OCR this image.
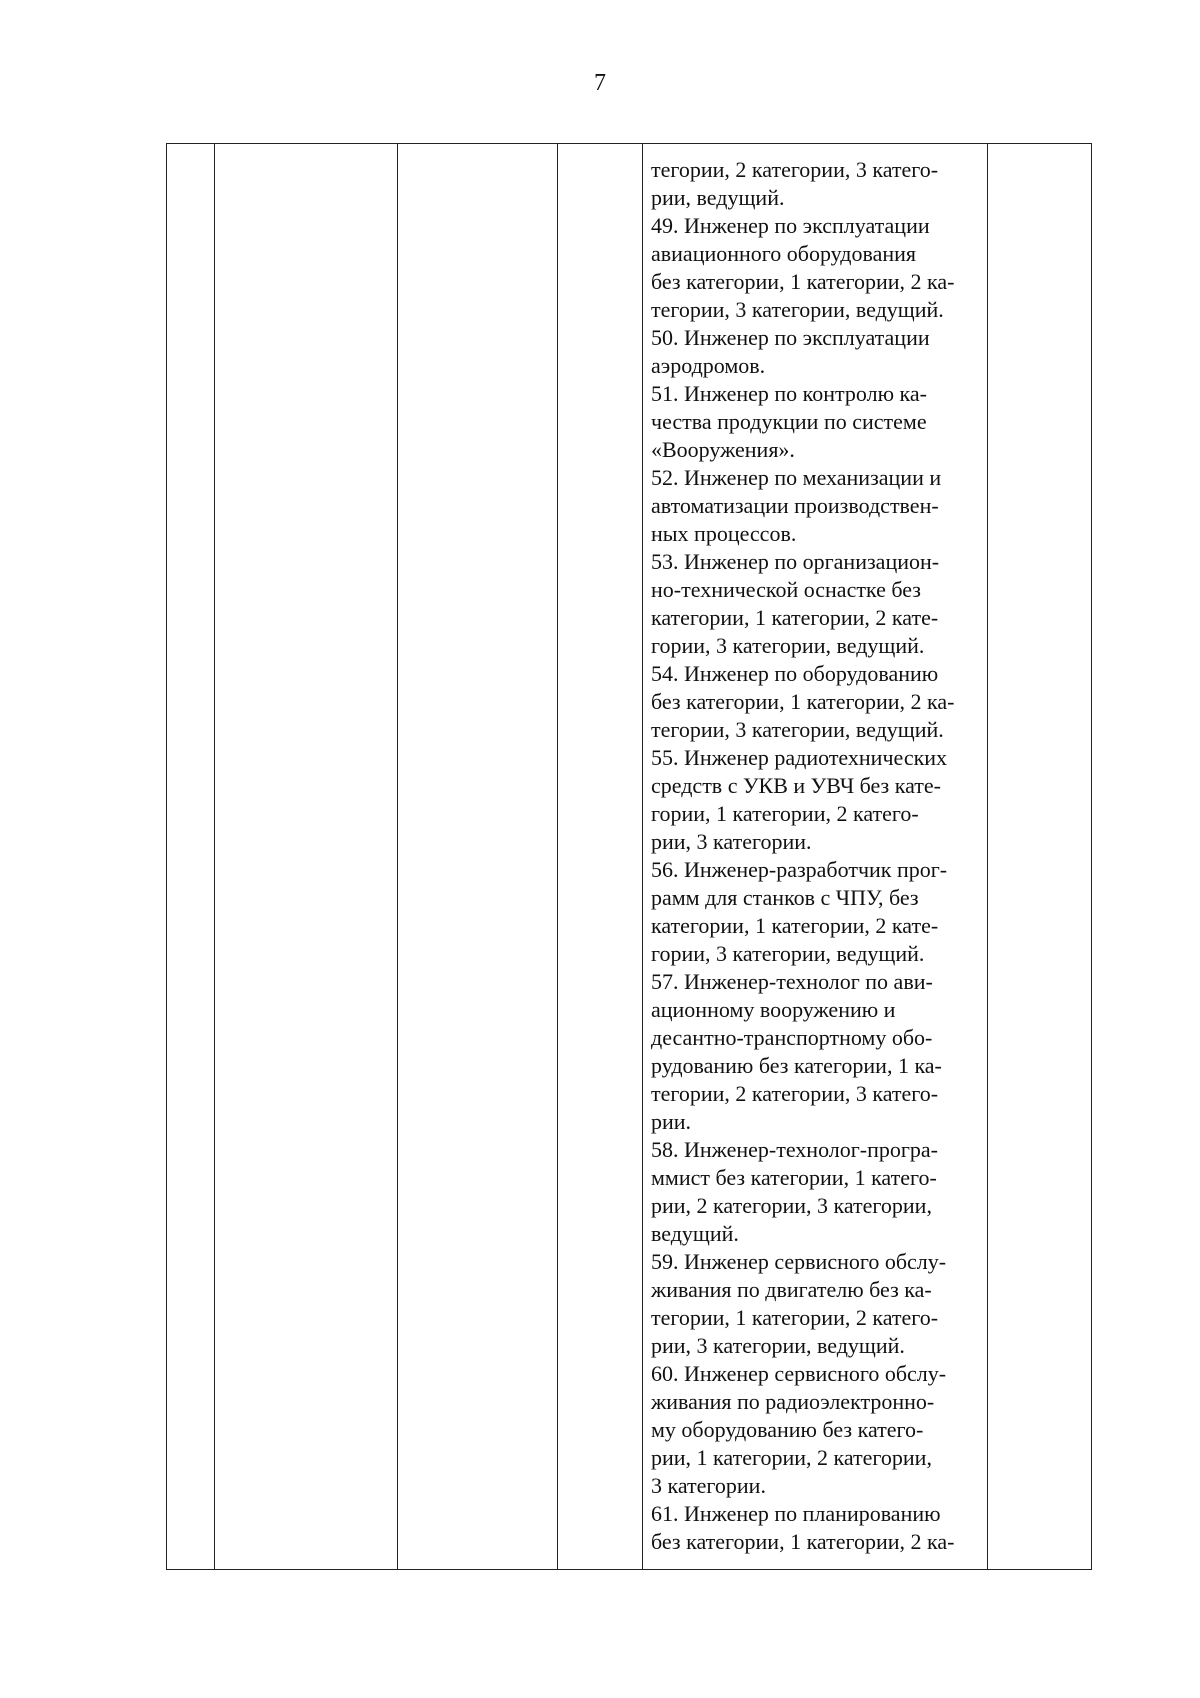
7
тегории, 2 категории, 3 катего-
рии, ведущий.
49. Инженер по эксплуатации
авиационного оборудования
без категории, 1 категории, 2 ка-
тегории, 3 категории, ведущий.
50. Инженер по эксплуатации
аэродромов.
51. Инженер по контролю ка-
чества продукции по системе
«Вооружения».
52. Инженер по механизации и
автоматизации производствен-
ных процессов.
53. Инженер по организацион-
но-технической оснастке без
категории, 1 категории, 2 кате-
гории, 3 категории, ведущий.
54. Инженер по оборудованию
без категории, 1 категории, 2 ка-
тегории, 3 категории, ведущий.
55. Инженер радиотехнических
средств с УКВ и УВЧ без кате-
гории, 1 категории, 2 катего-
рии, 3 категории.
56. Инженер-разработчик прог-
рамм для станков с ЧПУ, без
категории, 1 категории, 2 кате-
гории, 3 категории, ведущий.
57. Инженер-технолог по ави-
ационному вооружению и
десантно-транспортному обо-
рудованию без категории, 1 ка-
тегории, 2 категории, 3 катего-
рии.
58. Инженер-технолог-програ-
ммист без категории, 1 катего-
рии, 2 категории, 3 категории,
ведущий.
59. Инженер сервисного обслу-
живания по двигателю без ка-
тегории, 1 категории, 2 катего-
рии, 3 категории, ведущий.
60. Инженер сервисного обслу-
живания по радиоэлектронно-
му оборудованию без катего-
рии, 1 категории, 2 категории,
3 категории.
61. Инженер по планированию
без категории, 1 категории, 2 ка-
